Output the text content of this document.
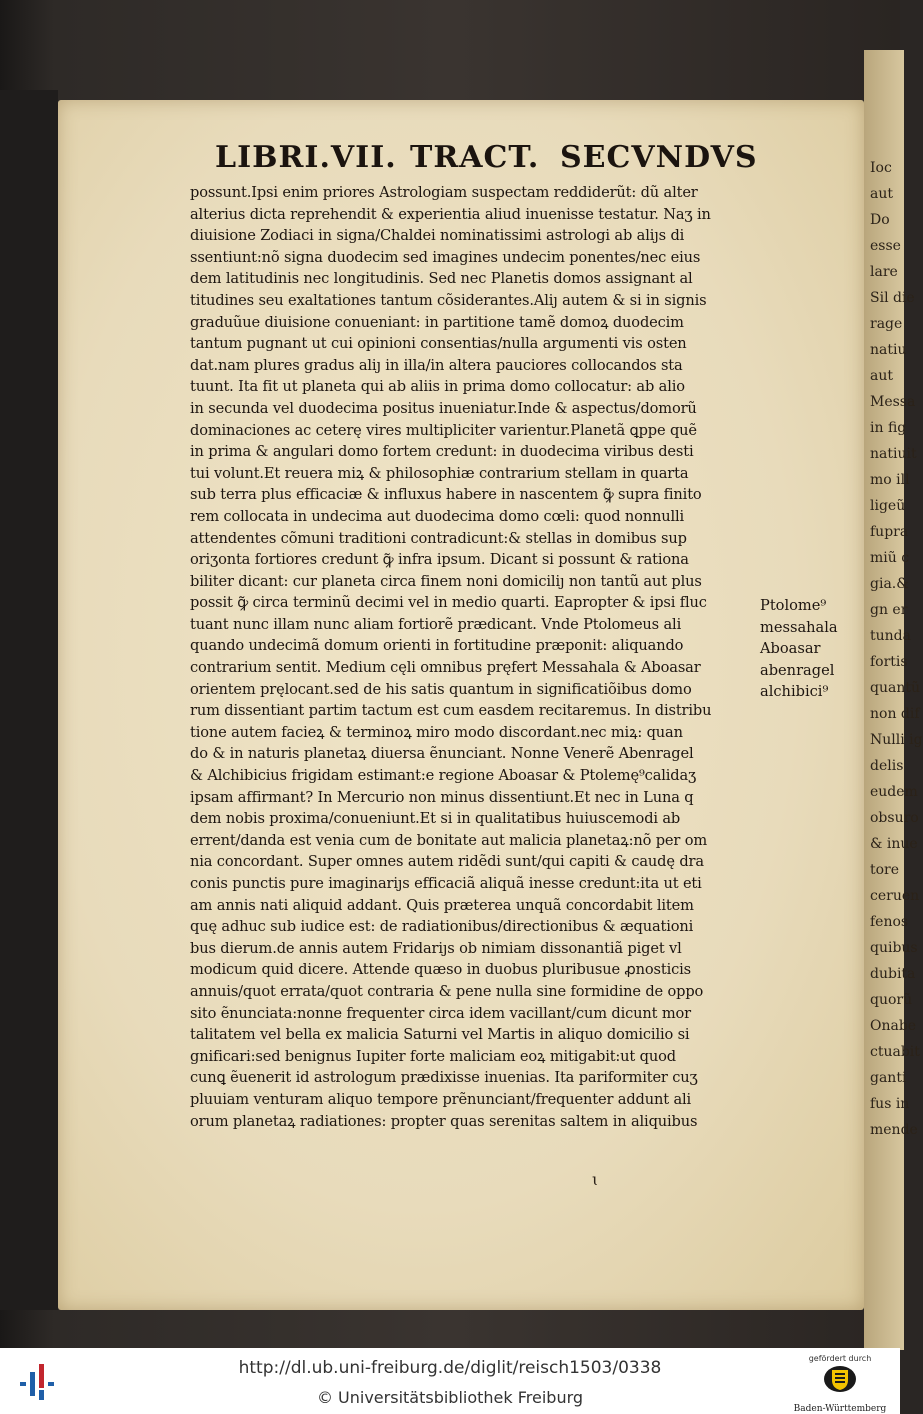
Ioc
aut
Do
esse
lare
Sil die
rage
natiu
aut
Messa
in fig
natiuit
mo ill
ligeũ
fupra
miũ c
gia.&
gn er
tunda
fortis
quantũ
non dif
Nulli ig
delis
eudem
obsuro
& inue
tore
ceruen
fenos
quibus
dubita
quorũ
Onabe
ctuabit
ganti
fus in
mende
LIBRI.VII. TRACT. SECVNDVS
possunt.Ipsi enim priores Astrologiam suspectam reddiderũt: dũ alter
alterius dicta reprehendit & experientia aliud inuenisse testatur. Naʒ in
diuisione Zodiaci in signa/Chaldei nominatissimi astrologi ab aliȷs di
ssentiunt:nõ signa duodecim sed imagines undecim ponentes/nec eius
dem latitudinis nec longitudinis. Sed nec Planetis domos assignant al
titudines seu exaltationes tantum cõsiderantes.Aliȷ autem & si in signis
graduũue diuisione conueniant: in partitione tamẽ domoꝝ duodecim
tantum pugnant ut cui opinioni consentias/nulla argumenti vis osten
dat.nam plures gradus aliȷ in illa/in altera pauciores collocandos sta
tuunt. Ita fit ut planeta qui ab aliis in prima domo collocatur: ab alio
in secunda vel duodecima positus inueniatur.Inde & aspectus/domorũ
dominaciones ac ceterę vires multipliciter varientur.Planetã ꝗppe quẽ
in prima & angulari domo fortem credunt: in duodecima viribus desti
tui volunt.Et reuera miꝝ & philosophiæ contrarium stellam in quarta
sub terra plus efficaciæ & influxus habere in nascentem ꝙ̃ supra finito
rem collocata in undecima aut duodecima domo cœli: quod nonnulli
attendentes cõmuni traditioni contradicunt:& stellas in domibus sup
oriʒonta fortiores credunt ꝙ̃ infra ipsum. Dicant si possunt & rationa
biliter dicant: cur planeta circa finem noni domiciliȷ non tantũ aut plus
possit ꝙ̃ circa terminũ decimi vel in medio quarti. Eapropter & ipsi fluc
tuant nunc illam nunc aliam fortiorẽ prædicant. Vnde Ptolomeus ali
quando undecimã domum orienti in fortitudine præponit: aliquando
contrarium sentit. Medium cęli omnibus pręfert Messahala & Aboasar
orientem pręlocant.sed de his satis quantum in significatiõibus domo
rum dissentiant partim tactum est cum easdem recitaremus. In distribu
tione autem facieꝝ & terminoꝝ miro modo discordant.nec miꝝ: quan
do & in naturis planetaꝝ diuersa ẽnunciant. Nonne Venerẽ Abenragel
& Alchibicius frigidam estimant:e regione Aboasar & Ptolemę⁹calidaʒ
ipsam affirmant? In Mercurio non minus dissentiunt.Et nec in Luna q
dem nobis proxima/conueniunt.Et si in qualitatibus huiuscemodi ab
errent/danda est venia cum de bonitate aut malicia planetaꝝ:nõ per om
nia concordant. Super omnes autem ridẽdi sunt/qui capiti & caudę dra
conis punctis pure imaginariȷs efficaciã aliquã inesse credunt:ita ut eti
am annis nati aliquid addant. Quis præterea unquã concordabit litem
quę adhuc sub iudice est: de radiationibus/directionibus & æquationi
bus dierum.de annis autem Fridariȷs ob nimiam dissonantiã piget vl
modicum quid dicere. Attende quæso in duobus pluribusue ꝓnosticis
annuis/quot errata/quot contraria & pene nulla sine formidine de oppo
sito ẽnunciata:nonne frequenter circa idem vacillant/cum dicunt mor
talitatem vel bella ex malicia Saturni vel Martis in aliquo domicilio si
gnificari:sed benignus Iupiter forte maliciam eoꝝ mitigabit:ut quod
cunꝗ ẽuenerit id astrologum prædixisse inuenias. Ita pariformiter cuʒ
pluuiam venturam aliquo tempore prẽnunciant/frequenter addunt ali
orum planetaꝝ radiationes: propter quas serenitas saltem in aliquibus
Ptolome⁹
messahala
Aboasar
abenragel
alchibici⁹
ɩ
http://dl.ub.uni-freiburg.de/diglit/reisch1503/0338
© Universitätsbibliothek Freiburg
gefördert durch
Baden-Württemberg
